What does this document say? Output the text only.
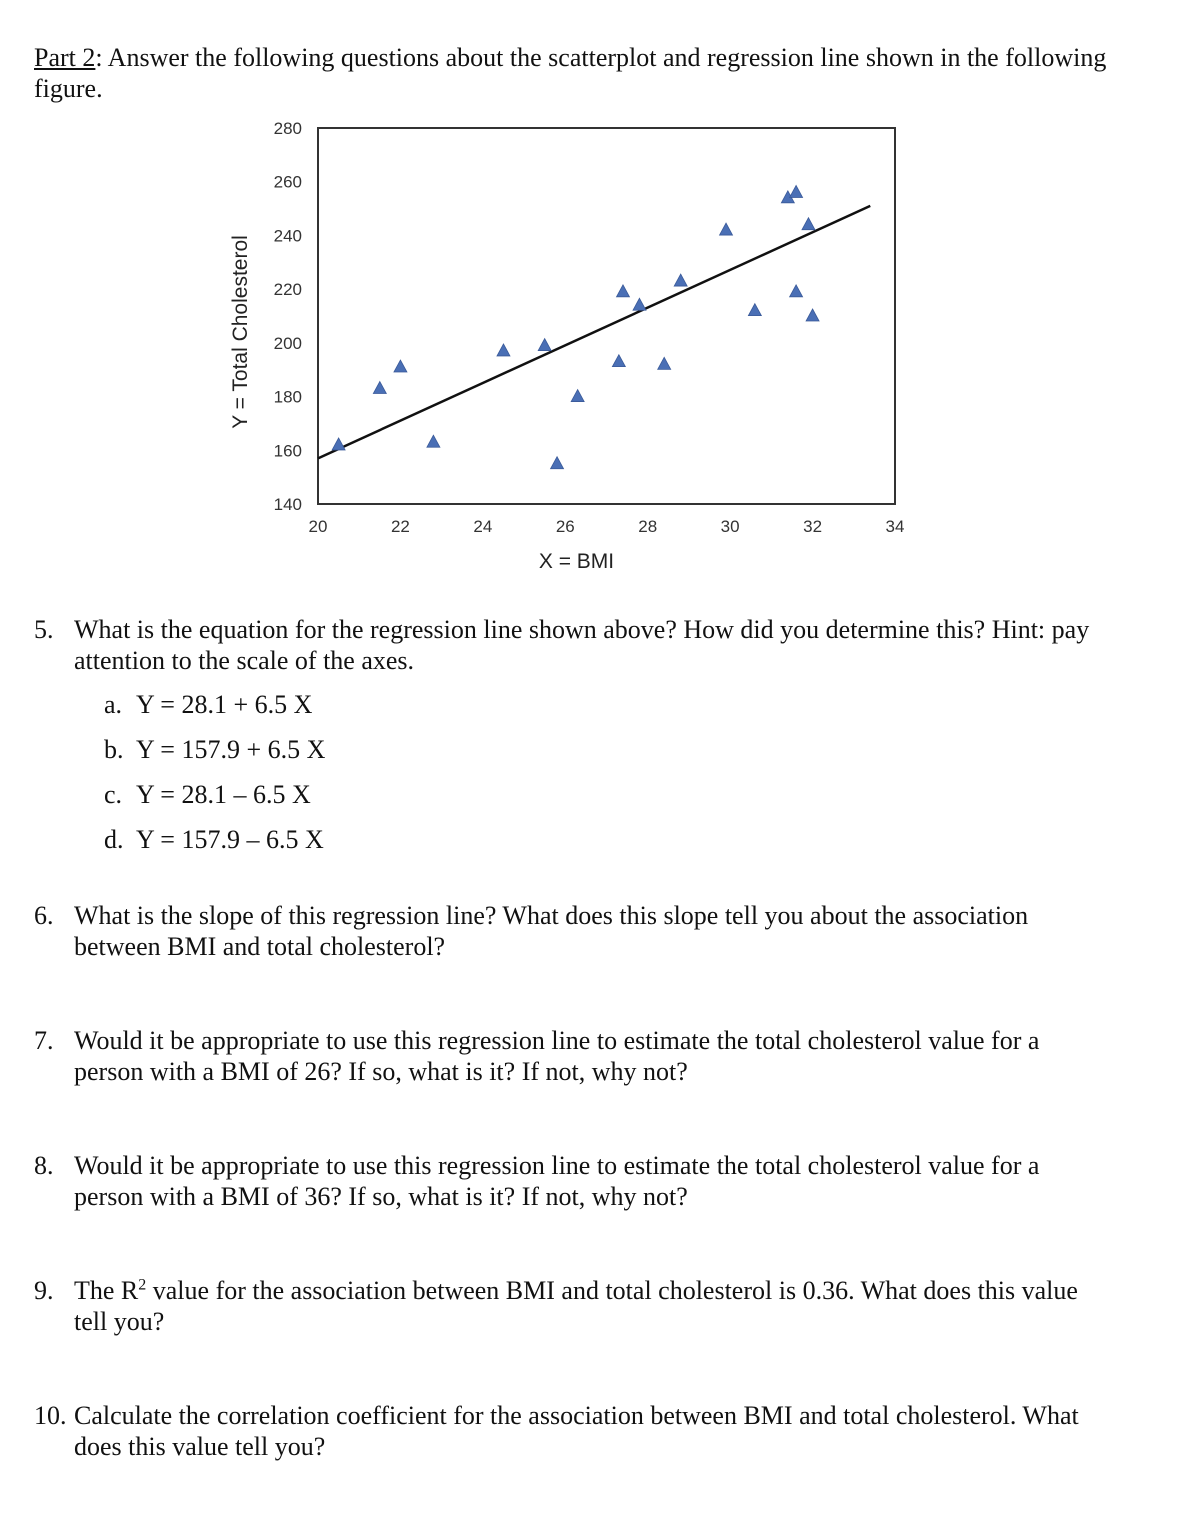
Part 2: Answer the following questions about the scatterplot and regression line shown in the following figure.
140
160
180
200
220
240
260
280
20	22	24	26	28	30	32	34
X = BMI
Y = Total Cholesterol
5. What is the equation for the regression line shown above? How did you determine this? Hint: pay attention to the scale of the axes.
a. Y = 28.1 + 6.5 X
b. Y = 157.9 + 6.5 X
c. Y = 28.1 – 6.5 X
d. Y = 157.9 – 6.5 X
6. What is the slope of this regression line? What does this slope tell you about the association between BMI and total cholesterol?
7. Would it be appropriate to use this regression line to estimate the total cholesterol value for a person with a BMI of 26? If so, what is it? If not, why not?
8. Would it be appropriate to use this regression line to estimate the total cholesterol value for a person with a BMI of 36? If so, what is it? If not, why not?
9. The $R^2$ value for the association between BMI and total cholesterol is 0.36. What does this value tell you?
10. Calculate the correlation coefficient for the association between BMI and total cholesterol. What does this value tell you?
